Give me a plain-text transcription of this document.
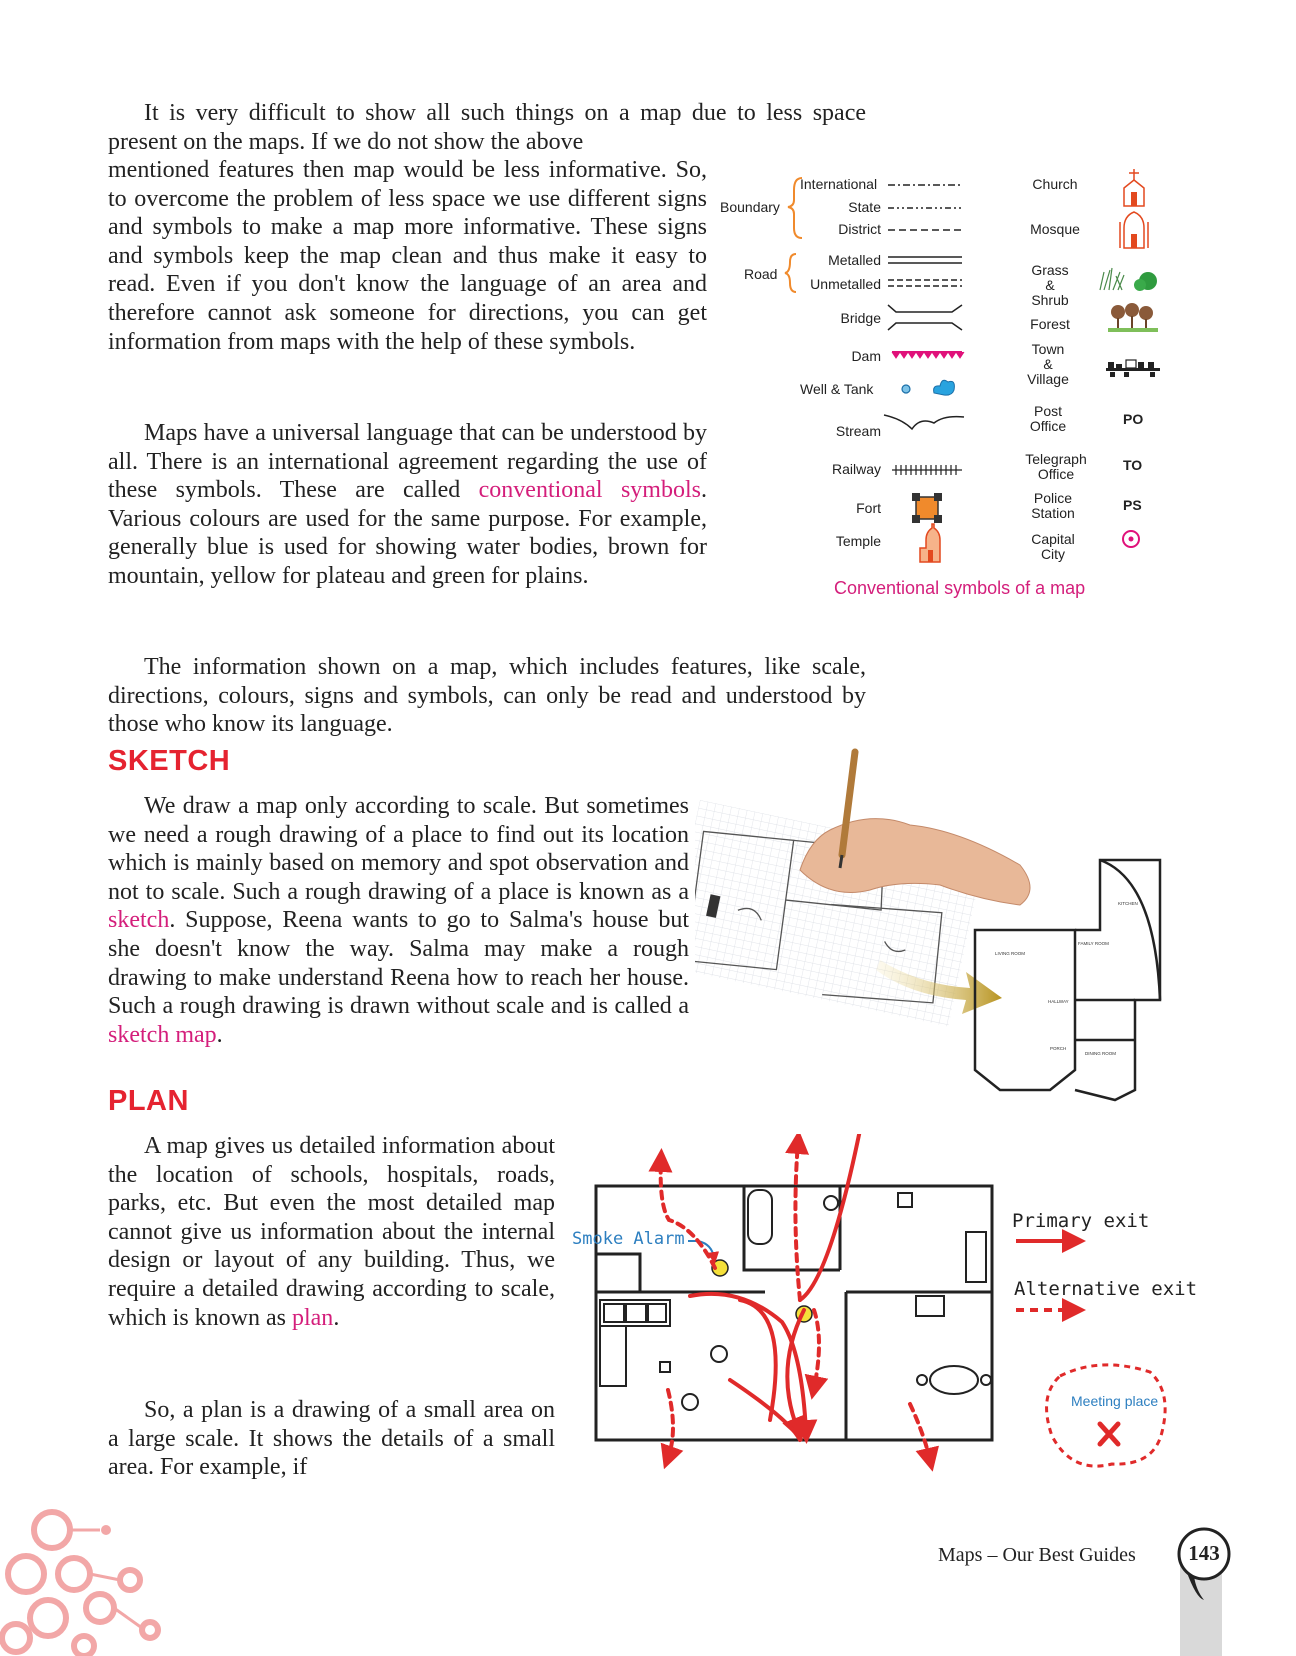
It is very difficult to show all such things on a map due to less space present on the maps. If we do not show the above

mentioned features then map would be less informative. So, to overcome the problem of less space we use different signs and symbols to make a map more informative. These signs and symbols keep the map clean and thus make it easy to read. Even if you don't know the language of an area and therefore cannot ask someone for directions, you can get information from maps with the help of these symbols.

Maps have a universal language that can be understood by all. There is an international agreement regarding the use of these symbols. These are called conventional symbols. Various colours are used for the same purpose. For example, generally blue is used for showing water bodies, brown for mountain, yellow for plateau and green for plains.

The information shown on a map, which includes features, like scale, directions, colours, signs and symbols, can only be read and understood by those who know its language.

SKETCH

We draw a map only according to scale. But sometimes we need a rough drawing of a place to find out its location which is mainly based on memory and spot observation and not to scale. Such a rough drawing of a place is known as a sketch. Suppose, Reena wants to go to Salma's house but she doesn't know the way. Salma may make a rough drawing to make understand Reena how to reach her house. Such a rough drawing is drawn without scale and is called a sketch map.

PLAN

A map gives us detailed information about the location of schools, hospitals, roads, parks, etc. But even the most detailed map cannot give us information about the internal design or layout of any building. Thus, we require a detailed drawing according to scale, which is known as plan.

So, a plan is a drawing of a small area on a large scale. It shows the details of a small area. For example, if

Boundary
International
State
District
Road
Metalled
Unmetalled
Bridge
Dam
Well & Tank
Stream
Railway
Fort
Temple
Church
Mosque
Grass
&
Shrub
Forest
Town
&
Village
Post
Office	PO
Telegraph
Office
TO
Police
Station	PS
Capital
City
Conventional symbols of a map
LIVING ROOM
FAMILY ROOM
KITCHEN
DINING ROOM
PORCH
HALLWAY
Smoke Alarm
Primary exit
Alternative exit
Meeting place
143
Maps – Our Best Guides
